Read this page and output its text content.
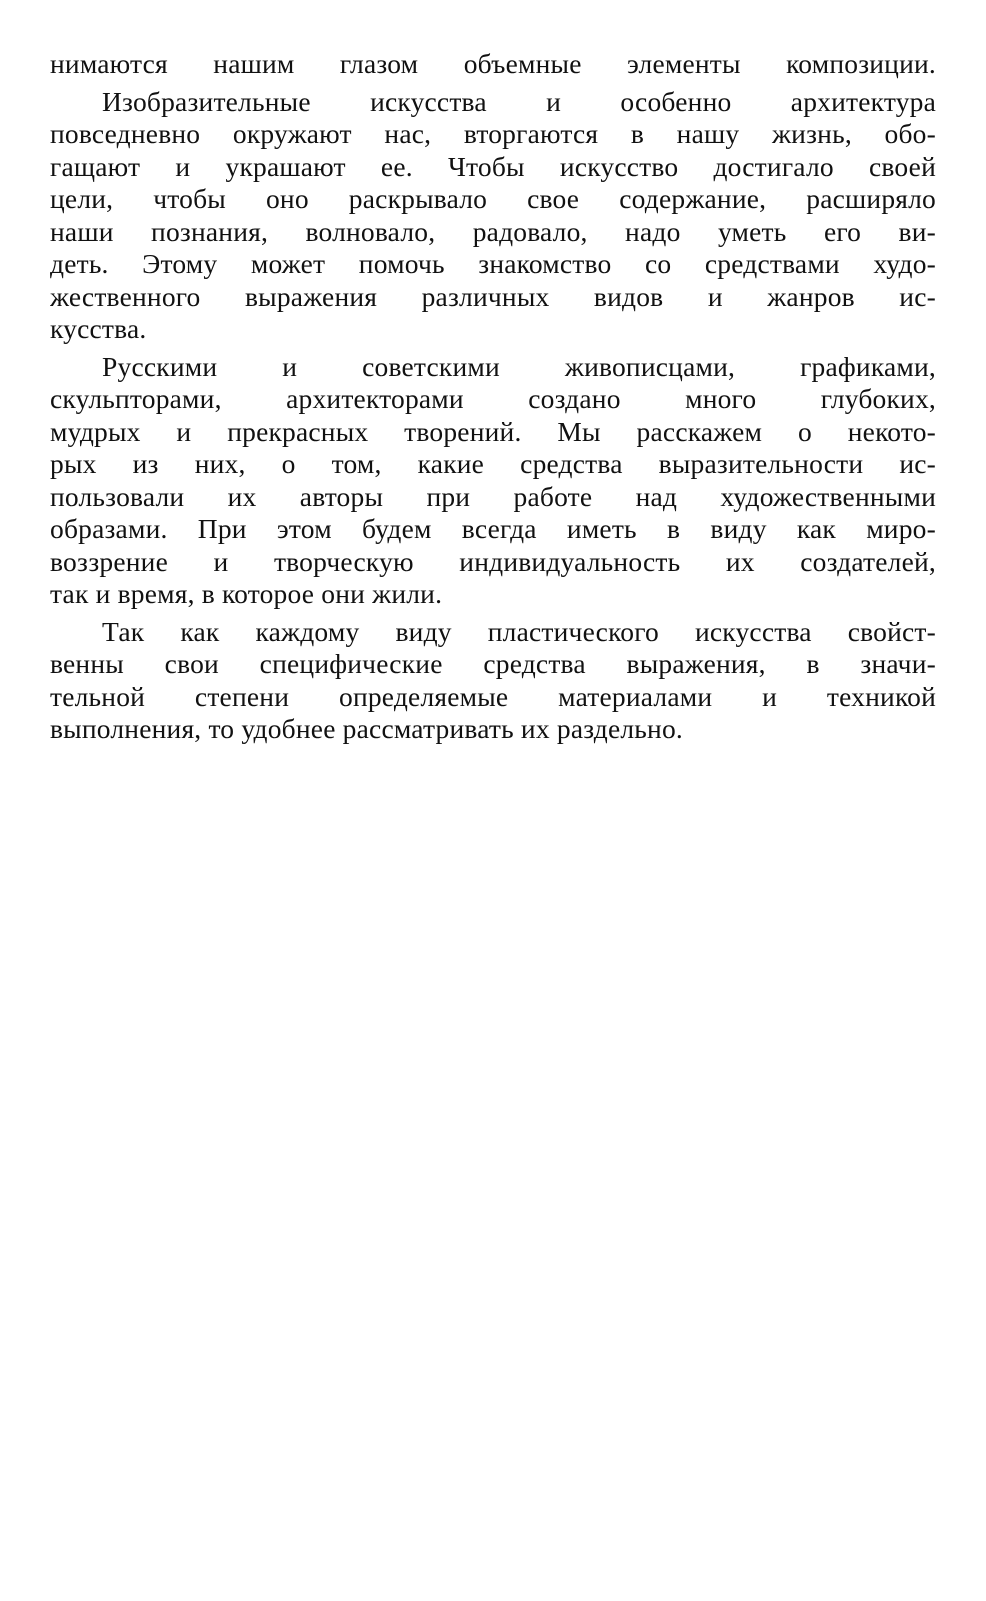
нимаются нашим глазом объемные элементы композиции.
Изобразительные искусства и особенно архитектура
повседневно окружают нас, вторгаются в нашу жизнь, обо-
гащают и украшают ее. Чтобы искусство достигало своей
цели, чтобы оно раскрывало свое содержание, расширяло
наши познания, волновало, радовало, надо уметь его ви-
деть. Этому может помочь знакомство со средствами худо-
жественного выражения различных видов и жанров ис-
кусства.
Русскими и советскими живописцами, графиками,
скульпторами, архитекторами создано много глубоких,
мудрых и прекрасных творений. Мы расскажем о некото-
рых из них, о том, какие средства выразительности ис-
пользовали их авторы при работе над художественными
образами. При этом будем всегда иметь в виду как миро-
воззрение и творческую индивидуальность их создателей,
так и время, в которое они жили.
Так как каждому виду пластического искусства свойст-
венны свои специфические средства выражения, в значи-
тельной степени определяемые материалами и техникой
выполнения, то удобнее рассматривать их раздельно.
